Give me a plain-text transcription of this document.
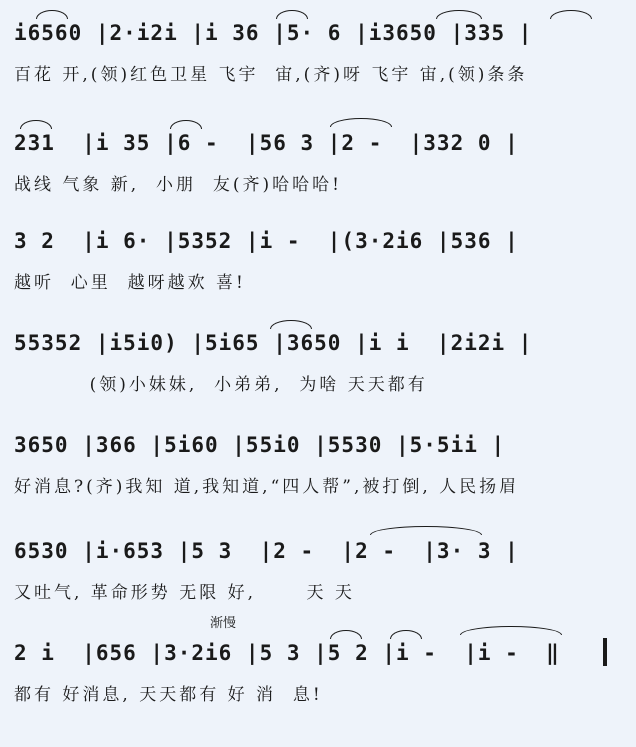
i6560 |2·i2i |i 36 |5· 6 |i3650 |335 |
百花 开,(领)红色卫星 飞宇  宙,(齐)呀 飞宇 宙,(领)条条
231  |i 35 |6 -  |56 3 |2 -  |332 0 |
战线 气象 新,  小朋  友(齐)哈哈哈!
3 2  |i 6· |5352 |i -  |(3·2i6 |536 |
越听  心里  越呀越欢 喜!
55352 |i5i0) |5i65 |3650 |i i  |2i2i |
(领)小妹妹,  小弟弟,  为啥 天天都有
3650 |366 |5i60 |55i0 |5530 |5·5ii |
好消息?(齐)我知 道,我知道,“四人帮”,被打倒, 人民扬眉
6530 |i·653 |5 3  |2 -  |2 -  |3· 3 |
又吐气, 革命形势 无限 好,      天 天
渐慢
2 i  |656 |3·2i6 |5 3 |5 2 |i -  |i -  ‖
都有 好消息, 天天都有 好 消  息!
